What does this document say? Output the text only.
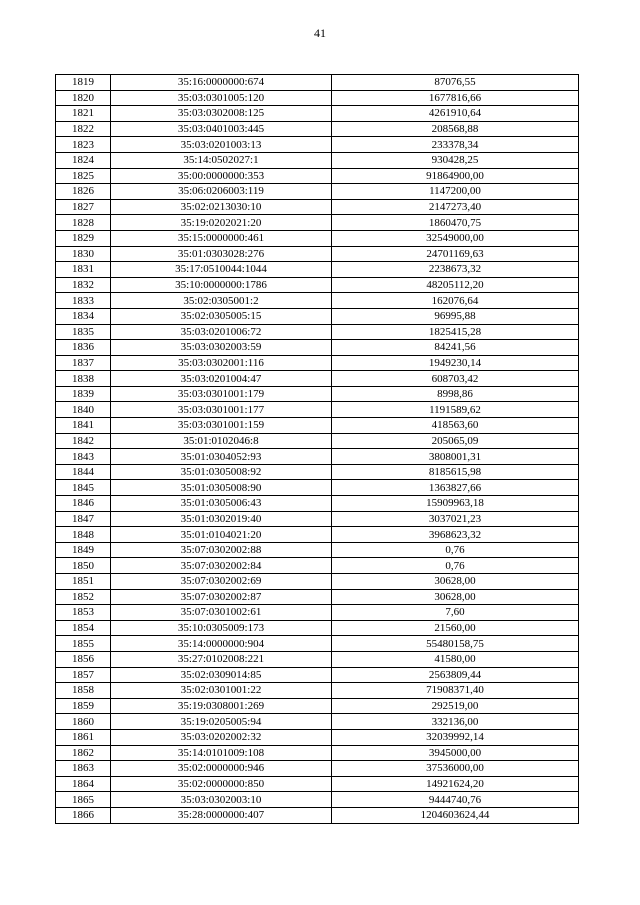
41
1819	35:16:0000000:674	87076,55
1820	35:03:0301005:120	1677816,66
1821	35:03:0302008:125	4261910,64
1822	35:03:0401003:445	208568,88
1823	35:03:0201003:13	233378,34
1824	35:14:0502027:1	930428,25
1825	35:00:0000000:353	91864900,00
1826	35:06:0206003:119	1147200,00
1827	35:02:0213030:10	2147273,40
1828	35:19:0202021:20	1860470,75
1829	35:15:0000000:461	32549000,00
1830	35:01:0303028:276	24701169,63
1831	35:17:0510044:1044	2238673,32
1832	35:10:0000000:1786	48205112,20
1833	35:02:0305001:2	162076,64
1834	35:02:0305005:15	96995,88
1835	35:03:0201006:72	1825415,28
1836	35:03:0302003:59	84241,56
1837	35:03:0302001:116	1949230,14
1838	35:03:0201004:47	608703,42
1839	35:03:0301001:179	8998,86
1840	35:03:0301001:177	1191589,62
1841	35:03:0301001:159	418563,60
1842	35:01:0102046:8	205065,09
1843	35:01:0304052:93	3808001,31
1844	35:01:0305008:92	8185615,98
1845	35:01:0305008:90	1363827,66
1846	35:01:0305006:43	15909963,18
1847	35:01:0302019:40	3037021,23
1848	35:01:0104021:20	3968623,32
1849	35:07:0302002:88	0,76
1850	35:07:0302002:84	0,76
1851	35:07:0302002:69	30628,00
1852	35:07:0302002:87	30628,00
1853	35:07:0301002:61	7,60
1854	35:10:0305009:173	21560,00
1855	35:14:0000000:904	55480158,75
1856	35:27:0102008:221	41580,00
1857	35:02:0309014:85	2563809,44
1858	35:02:0301001:22	71908371,40
1859	35:19:0308001:269	292519,00
1860	35:19:0205005:94	332136,00
1861	35:03:0202002:32	32039992,14
1862	35:14:0101009:108	3945000,00
1863	35:02:0000000:946	37536000,00
1864	35:02:0000000:850	14921624,20
1865	35:03:0302003:10	9444740,76
1866	35:28:0000000:407	1204603624,44
